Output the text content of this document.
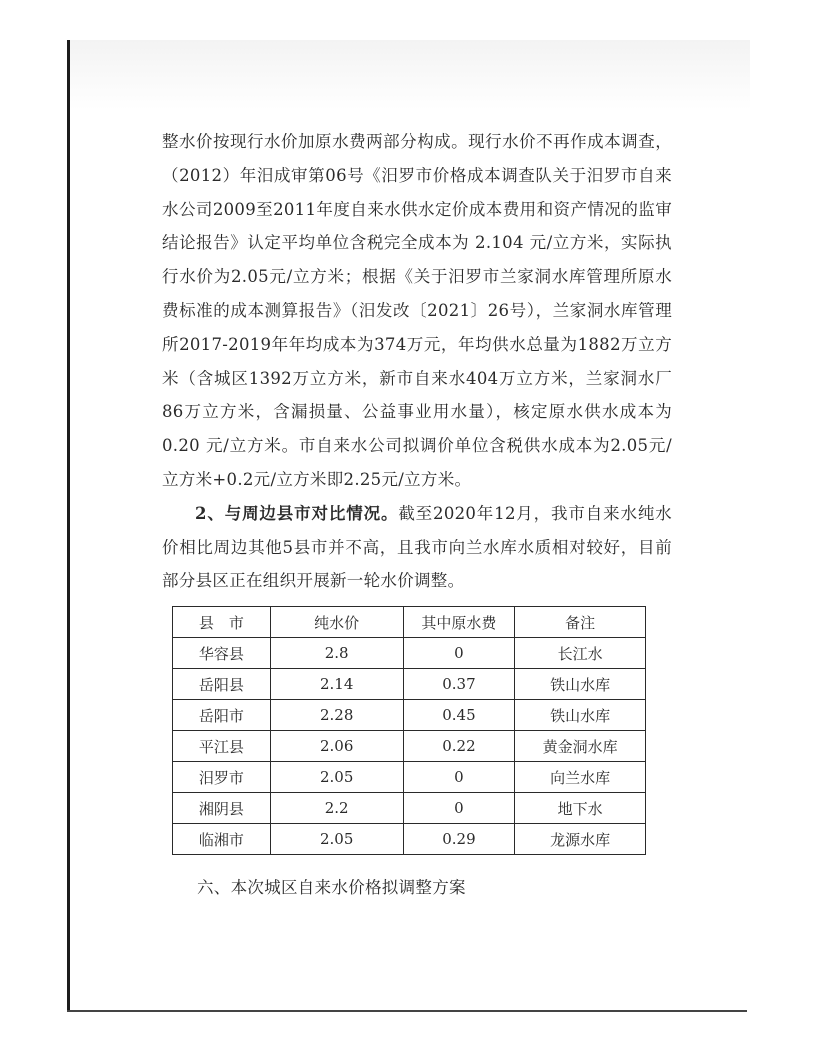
整水价按现行水价加原水费两部分构成。现行水价不再作成本调查，（2012）年汨成审第06号《汨罗市价格成本调查队关于汨罗市自来水公司2009至2011年度自来水供水定价成本费用和资产情况的监审结论报告》认定平均单位含税完全成本为 2.104 元/立方米，实际执行水价为2.05元/立方米；根据《关于汨罗市兰家洞水库管理所原水费标准的成本测算报告》（汨发改〔2021〕26号），兰家洞水库管理所2017-2019年年均成本为374万元，年均供水总量为1882万立方米（含城区1392万立方米，新市自来水404万立方米，兰家洞水厂86万立方米，含漏损量、公益事业用水量），核定原水供水成本为 0.20 元/立方米。市自来水公司拟调价单位含税供水成本为2.05元/立方米+0.2元/立方米即2.25元/立方米。

2、与周边县市对比情况。截至2020年12月，我市自来水纯水价相比周边其他5县市并不高，且我市向兰水库水质相对较好，目前部分县区正在组织开展新一轮水价调整。

县　市	纯水价	其中原水费	备注
华容县	2.8	0	长江水
岳阳县	2.14	0.37	铁山水库
岳阳市	2.28	0.45	铁山水库
平江县	2.06	0.22	黄金洞水库
汨罗市	2.05	0	向兰水库
湘阴县	2.2	0	地下水
临湘市	2.05	0.29	龙源水库
六、本次城区自来水价格拟调整方案
